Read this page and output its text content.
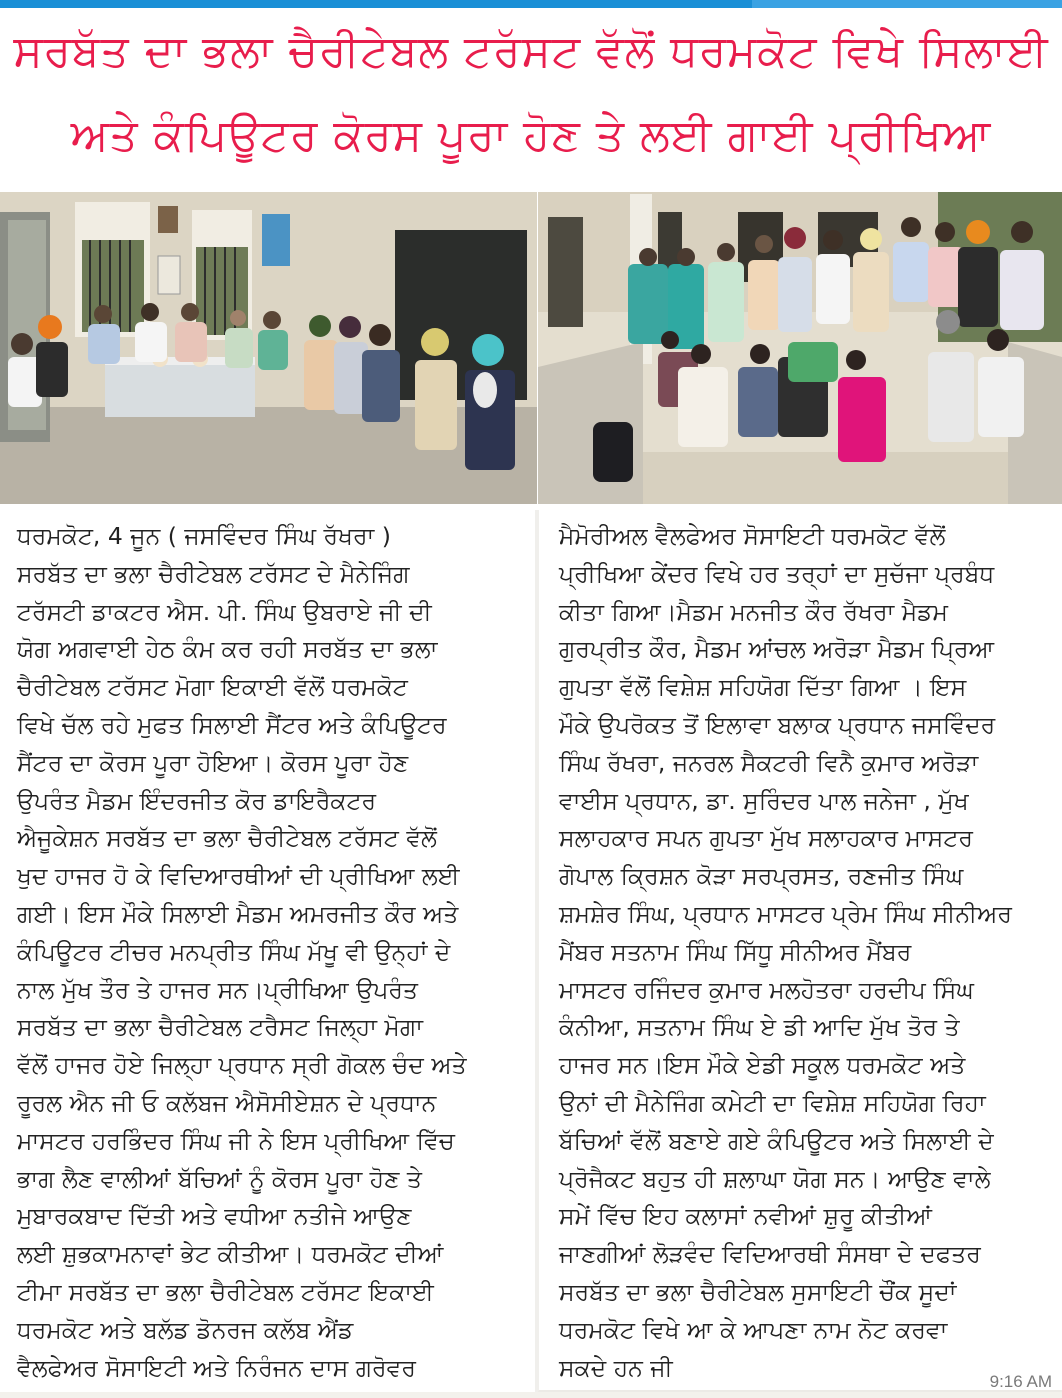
ਸਰਬੱਤ ਦਾ ਭਲਾ ਚੈਰੀਟੇਬਲ ਟਰੱਸਟ ਵੱਲੋਂ ਧਰਮਕੋਟ ਵਿਖੇ ਸਿਲਾਈ
ਅਤੇ ਕੰਪਿਊਟਰ ਕੋਰਸ ਪੂਰਾ ਹੋਣ ਤੇ ਲਈ ਗਾਈ ਪ੍ਰੀਖਿਆ
ਧਰਮਕੋਟ, 4 ਜੂਨ ( ਜਸਵਿੰਦਰ ਸਿੰਘ ਰੱਖਰਾ )
ਸਰਬੱਤ ਦਾ ਭਲਾ ਚੈਰੀਟੇਬਲ ਟਰੱਸਟ ਦੇ ਮੈਨੇਜਿੰਗ
ਟਰੱਸਟੀ ਡਾਕਟਰ ਐਸ. ਪੀ. ਸਿੰਘ ਉਬਰਾਏ ਜੀ ਦੀ
ਯੋਗ ਅਗਵਾਈ ਹੇਠ ਕੰਮ ਕਰ ਰਹੀ ਸਰਬੱਤ ਦਾ ਭਲਾ
ਚੈਰੀਟੇਬਲ ਟਰੱਸਟ ਮੋਗਾ ਇਕਾਈ ਵੱਲੋਂ ਧਰਮਕੋਟ
ਵਿਖੇ ਚੱਲ ਰਹੇ ਮੁਫਤ ਸਿਲਾਈ ਸੈਂਟਰ ਅਤੇ ਕੰਪਿਊਟਰ
ਸੈਂਟਰ ਦਾ ਕੋਰਸ ਪੂਰਾ ਹੋਇਆ। ਕੋਰਸ ਪੂਰਾ ਹੋਣ
ਉਪਰੰਤ ਮੈਡਮ ਇੰਦਰਜੀਤ ਕੋਰ ਡਾਇਰੈਕਟਰ
ਐਜੂਕੇਸ਼ਨ ਸਰਬੱਤ ਦਾ ਭਲਾ ਚੈਰੀਟੇਬਲ ਟਰੱਸਟ ਵੱਲੋਂ
ਖੁਦ ਹਾਜਰ ਹੋ ਕੇ ਵਿਦਿਆਰਥੀਆਂ ਦੀ ਪ੍ਰੀਖਿਆ ਲਈ
ਗਈ। ਇਸ ਮੌਕੇ ਸਿਲਾਈ ਮੈਡਮ ਅਮਰਜੀਤ ਕੌਰ ਅਤੇ
ਕੰਪਿਊਟਰ ਟੀਚਰ ਮਨਪ੍ਰੀਤ ਸਿੰਘ ਮੱਖੂ ਵੀ ਉਨ੍ਹਾਂ ਦੇ
ਨਾਲ ਮੁੱਖ ਤੌਰ ਤੇ ਹਾਜਰ ਸਨ।ਪ੍ਰੀਖਿਆ ਉਪਰੰਤ
ਸਰਬੱਤ ਦਾ ਭਲਾ ਚੈਰੀਟੇਬਲ ਟਰੈਸਟ ਜਿਲ੍ਹਾ ਮੋਗਾ
ਵੱਲੋਂ ਹਾਜਰ ਹੋਏ ਜਿਲ੍ਹਾ ਪ੍ਰਧਾਨ ਸ੍ਰੀ ਗੋਕਲ ਚੰਦ ਅਤੇ
ਰੂਰਲ ਐਨ ਜੀ ਓ ਕਲੱਬਜ ਐਸੋਸੀਏਸ਼ਨ ਦੇ ਪ੍ਰਧਾਨ
ਮਾਸਟਰ ਹਰਭਿੰਦਰ ਸਿੰਘ ਜੀ ਨੇ ਇਸ ਪ੍ਰੀਖਿਆ ਵਿੱਚ
ਭਾਗ ਲੈਣ ਵਾਲੀਆਂ ਬੱਚਿਆਂ ਨੂੰ ਕੋਰਸ ਪੂਰਾ ਹੋਣ ਤੇ
ਮੁਬਾਰਕਬਾਦ ਦਿੱਤੀ ਅਤੇ ਵਧੀਆ ਨਤੀਜੇ ਆਉਣ
ਲਈ ਸ਼ੁਭਕਾਮਨਾਵਾਂ ਭੇਟ ਕੀਤੀਆ। ਧਰਮਕੋਟ ਦੀਆਂ
ਟੀਮਾ ਸਰਬੱਤ ਦਾ ਭਲਾ ਚੈਰੀਟੇਬਲ ਟਰੱਸਟ ਇਕਾਈ
ਧਰਮਕੋਟ ਅਤੇ ਬਲੱਡ ਡੋਨਰਜ ਕਲੱਬ ਐਂਡ
ਵੈਲਫੇਅਰ ਸੋਸਾਇਟੀ ਅਤੇ ਨਿਰੰਜਨ ਦਾਸ ਗਰੋਵਰ
ਮੈਮੋਰੀਅਲ ਵੈਲਫੇਅਰ ਸੋਸਾਇਟੀ ਧਰਮਕੋਟ ਵੱਲੋਂ
ਪ੍ਰੀਖਿਆ ਕੇਂਦਰ ਵਿਖੇ ਹਰ ਤਰ੍ਹਾਂ ਦਾ ਸੁਚੱਜਾ ਪ੍ਰਬੰਧ
ਕੀਤਾ ਗਿਆ।ਮੈਡਮ ਮਨਜੀਤ ਕੌਰ ਰੱਖਰਾ ਮੈਡਮ
ਗੁਰਪ੍ਰੀਤ ਕੌਰ, ਮੈਡਮ ਆਂਚਲ ਅਰੋੜਾ ਮੈਡਮ ਪ੍ਰਿਆ
ਗੁਪਤਾ ਵੱਲੋਂ ਵਿਸ਼ੇਸ਼ ਸਹਿਯੋਗ ਦਿੱਤਾ ਗਿਆ । ਇਸ
ਮੌਕੇ ਉਪਰੋਕਤ ਤੋਂ ਇਲਾਵਾ ਬਲਾਕ ਪ੍ਰਧਾਨ ਜਸਵਿੰਦਰ
ਸਿੰਘ ਰੱਖਰਾ, ਜਨਰਲ ਸੈਕਟਰੀ ਵਿਨੈ ਕੁਮਾਰ ਅਰੋੜਾ
ਵਾਈਸ ਪ੍ਰਧਾਨ, ਡਾ. ਸੁਰਿੰਦਰ ਪਾਲ ਜਨੇਜਾ , ਮੁੱਖ
ਸਲਾਹਕਾਰ ਸਪਨ ਗੁਪਤਾ ਮੁੱਖ ਸਲਾਹਕਾਰ ਮਾਸਟਰ
ਗੋਪਾਲ ਕ੍ਰਿਸ਼ਨ ਕੋੜਾ ਸਰਪ੍ਰਸਤ, ਰਣਜੀਤ ਸਿੰਘ
ਸ਼ਮਸ਼ੇਰ ਸਿੰਘ, ਪ੍ਰਧਾਨ ਮਾਸਟਰ ਪ੍ਰੇਮ ਸਿੰਘ ਸੀਨੀਅਰ
ਮੈਂਬਰ ਸਤਨਾਮ ਸਿੰਘ ਸਿੱਧੂ ਸੀਨੀਅਰ ਮੈਂਬਰ
ਮਾਸਟਰ ਰਜਿੰਦਰ ਕੁਮਾਰ ਮਲਹੋਤਰਾ ਹਰਦੀਪ ਸਿੰਘ
ਕੰਨੀਆ, ਸਤਨਾਮ ਸਿੰਘ ਏ ਡੀ ਆਦਿ ਮੁੱਖ ਤੋਰ ਤੇ
ਹਾਜਰ ਸਨ।ਇਸ ਮੌਕੇ ਏਡੀ ਸਕੂਲ ਧਰਮਕੋਟ ਅਤੇ
ਉਨਾਂ ਦੀ ਮੈਨੇਜਿੰਗ ਕਮੇਟੀ ਦਾ ਵਿਸ਼ੇਸ਼ ਸਹਿਯੋਗ ਰਿਹਾ
ਬੱਚਿਆਂ ਵੱਲੋਂ ਬਣਾਏ ਗਏ ਕੰਪਿਊਟਰ ਅਤੇ ਸਿਲਾਈ ਦੇ
ਪ੍ਰੋਜੈਕਟ ਬਹੁਤ ਹੀ ਸ਼ਲਾਘਾ ਯੋਗ ਸਨ। ਆਉਣ ਵਾਲੇ
ਸਮੇਂ ਵਿੱਚ ਇਹ ਕਲਾਸਾਂ ਨਵੀਆਂ ਸ਼ੁਰੂ ਕੀਤੀਆਂ
ਜਾਣਗੀਆਂ ਲੋੜਵੰਦ ਵਿਦਿਆਰਥੀ ਸੰਸਥਾ ਦੇ ਦਫਤਰ
ਸਰਬੱਤ ਦਾ ਭਲਾ ਚੈਰੀਟੇਬਲ ਸੁਸਾਇਟੀ ਚੌਂਕ ਸੂਦਾਂ
ਧਰਮਕੋਟ ਵਿਖੇ ਆ ਕੇ ਆਪਣਾ ਨਾਮ ਨੋਟ ਕਰਵਾ
ਸਕਦੇ ਹਨ ਜੀ	9:16 AM
